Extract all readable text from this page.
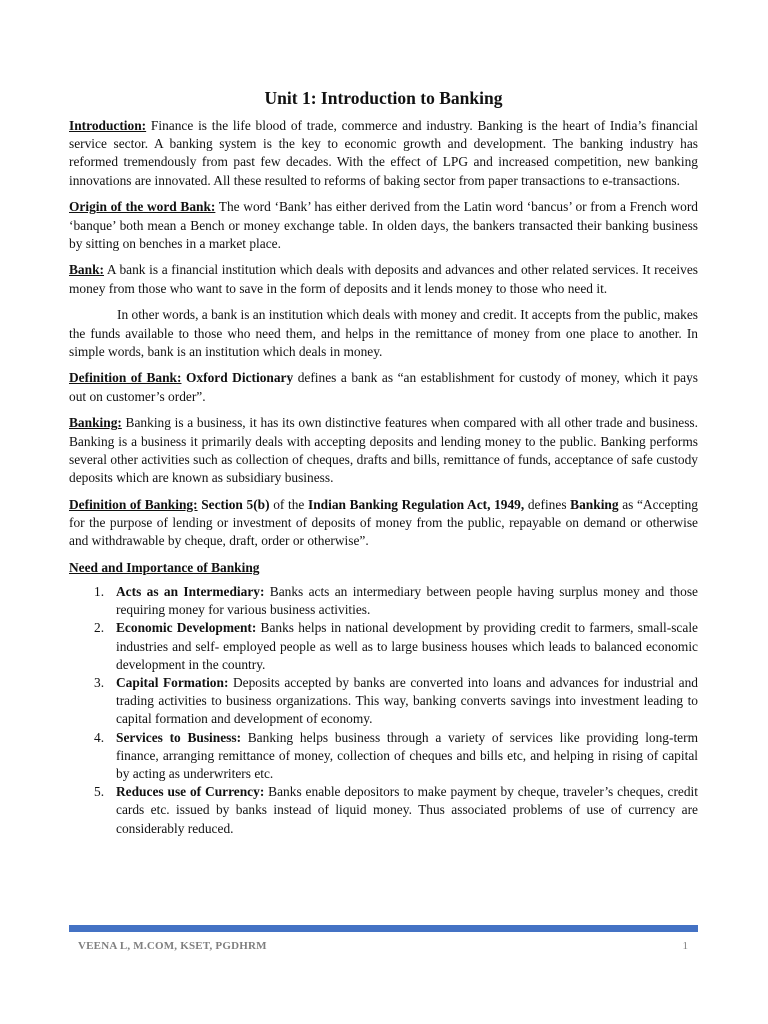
Unit 1: Introduction to Banking

Introduction: Finance is the life blood of trade, commerce and industry. Banking is the heart of India’s financial service sector. A banking system is the key to economic growth and development. The banking industry has reformed tremendously from past few decades. With the effect of LPG and increased competition, new banking innovations are innovated. All these resulted to reforms of baking sector from paper transactions to e-transactions.

Origin of the word Bank: The word ‘Bank’ has either derived from the Latin word ‘bancus’ or from a French word ‘banque’ both mean a Bench or money exchange table. In olden days, the bankers transacted their banking business by sitting on benches in a market place.

Bank: A bank is a financial institution which deals with deposits and advances and other related services. It receives money from those who want to save in the form of deposits and it lends money to those who need it.

In other words, a bank is an institution which deals with money and credit. It accepts from the public, makes the funds available to those who need them, and helps in the remittance of money from one place to another. In simple words, bank is an institution which deals in money.

Definition of Bank: Oxford Dictionary defines a bank as “an establishment for custody of money, which it pays out on customer’s order”.

Banking: Banking is a business, it has its own distinctive features when compared with all other trade and business. Banking is a business it primarily deals with accepting deposits and lending money to the public. Banking performs several other activities such as collection of cheques, drafts and bills, remittance of funds, acceptance of safe custody deposits which are known as subsidiary business.

Definition of Banking: Section 5(b) of the Indian Banking Regulation Act, 1949, defines Banking as “Accepting for the purpose of lending or investment of deposits of money from the public, repayable on demand or otherwise and withdrawable by cheque, draft, order or otherwise”.

Need and Importance of Banking

1. Acts as an Intermediary: Banks acts an intermediary between people having surplus money and those requiring money for various business activities.
2. Economic Development: Banks helps in national development by providing credit to farmers, small-scale industries and self- employed people as well as to large business houses which leads to balanced economic development in the country.
3. Capital Formation: Deposits accepted by banks are converted into loans and advances for industrial and trading activities to business organizations. This way, banking converts savings into investment leading to capital formation and development of economy.
4. Services to Business: Banking helps business through a variety of services like providing long-term finance, arranging remittance of money, collection of cheques and bills etc, and helping in rising of capital by acting as underwriters etc.
5. Reduces use of Currency: Banks enable depositors to make payment by cheque, traveler’s cheques, credit cards etc. issued by banks instead of liquid money. Thus associated problems of use of currency are considerably reduced.
VEENA L, M.COM, KSET, PGDHRM	1
